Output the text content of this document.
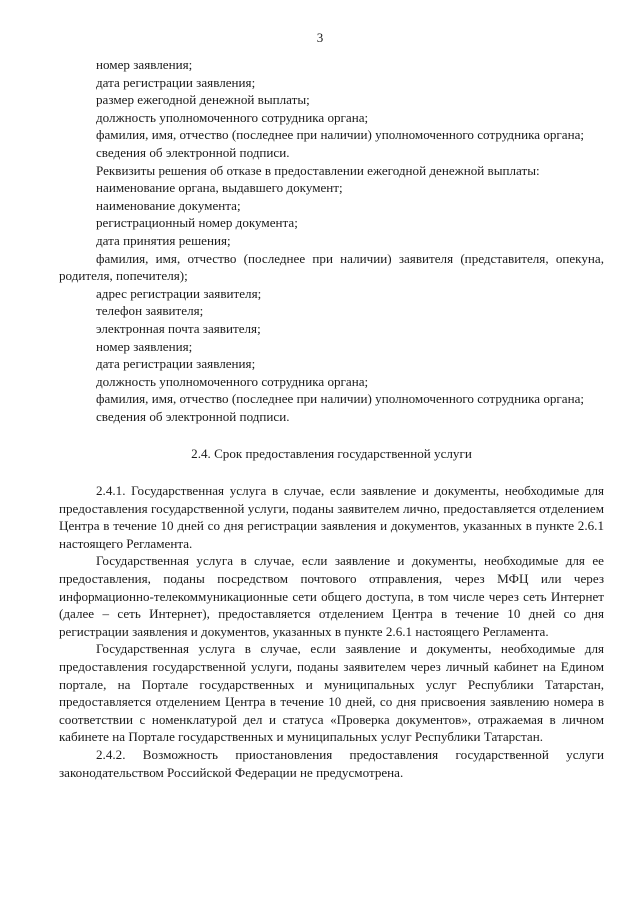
3

номер заявления;

дата регистрации заявления;

размер ежегодной денежной выплаты;

должность уполномоченного сотрудника органа;

фамилия, имя, отчество (последнее при наличии) уполномоченного сотрудника органа;

сведения об электронной подписи.

Реквизиты решения об отказе в предоставлении ежегодной денежной выплаты:

наименование органа, выдавшего документ;

наименование документа;

регистрационный номер документа;

дата принятия решения;

фамилия, имя, отчество (последнее при наличии) заявителя (представителя, опекуна, родителя, попечителя);

адрес регистрации заявителя;

телефон заявителя;

электронная почта заявителя;

номер заявления;

дата регистрации заявления;

должность уполномоченного сотрудника органа;

фамилия, имя, отчество (последнее при наличии) уполномоченного сотрудника органа;

сведения об электронной подписи.

2.4. Срок предоставления государственной услуги

2.4.1. Государственная услуга в случае, если заявление и документы, необходимые для предоставления государственной услуги, поданы заявителем лично, предоставляется отделением Центра в течение 10 дней со дня регистрации заявления и документов, указанных в пункте 2.6.1 настоящего Регламента.

Государственная услуга в случае, если заявление и документы, необходимые для ее предоставления, поданы посредством почтового отправления, через МФЦ или через информационно-телекоммуникационные сети общего доступа, в том числе через сеть Интернет (далее – сеть Интернет), предоставляется отделением Центра в течение 10 дней со дня регистрации заявления и документов, указанных в пункте 2.6.1 настоящего Регламента.

Государственная услуга в случае, если заявление и документы, необходимые для предоставления государственной услуги, поданы заявителем через личный кабинет на Едином портале, на Портале государственных и муниципальных услуг Республики Татарстан, предоставляется отделением Центра в течение 10 дней, со дня присвоения заявлению номера в соответствии с номенклатурой дел и статуса «Проверка документов», отражаемая в личном кабинете на Портале государственных и муниципальных услуг Республики Татарстан.

2.4.2. Возможность приостановления предоставления государственной услуги законодательством Российской Федерации не предусмотрена.
